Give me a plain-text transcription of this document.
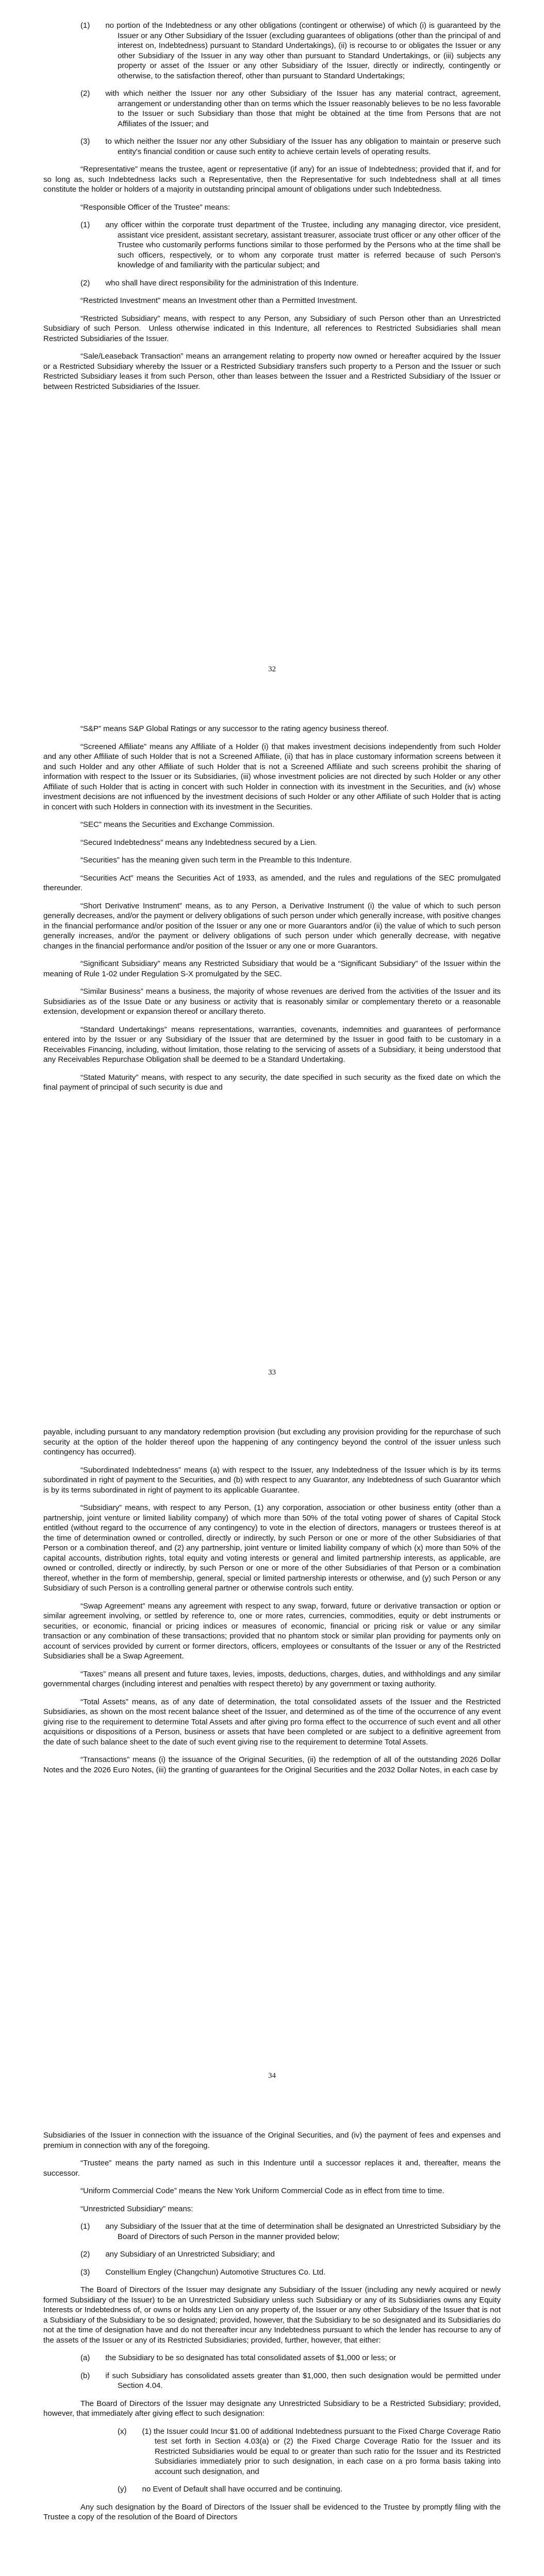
(1)  no portion of the Indebtedness or any other obligations (contingent or otherwise) of which (i) is guaranteed by the Issuer or any Other Subsidiary of the Issuer (excluding guarantees of obligations (other than the principal of and interest on, Indebtedness) pursuant to Standard Undertakings), (ii) is recourse to or obligates the Issuer or any other Subsidiary of the Issuer in any way other than pursuant to Standard Undertakings, or (iii) subjects any property or asset of the Issuer or any other Subsidiary of the Issuer, directly or indirectly, contingently or otherwise, to the satisfaction thereof, other than pursuant to Standard Undertakings;

(2)  with which neither the Issuer nor any other Subsidiary of the Issuer has any material contract, agreement, arrangement or understanding other than on terms which the Issuer reasonably believes to be no less favorable to the Issuer or such Subsidiary than those that might be obtained at the time from Persons that are not Affiliates of the Issuer; and

(3)  to which neither the Issuer nor any other Subsidiary of the Issuer has any obligation to maintain or preserve such entity's financial condition or cause such entity to achieve certain levels of operating results.

“Representative” means the trustee, agent or representative (if any) for an issue of Indebtedness; provided that if, and for so long as, such Indebtedness lacks such a Representative, then the Representative for such Indebtedness shall at all times constitute the holder or holders of a majority in outstanding principal amount of obligations under such Indebtedness.

“Responsible Officer of the Trustee” means:

(1)  any officer within the corporate trust department of the Trustee, including any managing director, vice president, assistant vice president, assistant secretary, assistant treasurer, associate trust officer or any other officer of the Trustee who customarily performs functions similar to those performed by the Persons who at the time shall be such officers, respectively, or to whom any corporate trust matter is referred because of such Person's knowledge of and familiarity with the particular subject; and

(2)  who shall have direct responsibility for the administration of this Indenture.

“Restricted Investment” means an Investment other than a Permitted Investment.

“Restricted Subsidiary” means, with respect to any Person, any Subsidiary of such Person other than an Unrestricted Subsidiary of such Person. Unless otherwise indicated in this Indenture, all references to Restricted Subsidiaries shall mean Restricted Subsidiaries of the Issuer.

“Sale/Leaseback Transaction” means an arrangement relating to property now owned or hereafter acquired by the Issuer or a Restricted Subsidiary whereby the Issuer or a Restricted Subsidiary transfers such property to a Person and the Issuer or such Restricted Subsidiary leases it from such Person, other than leases between the Issuer and a Restricted Subsidiary of the Issuer or between Restricted Subsidiaries of the Issuer.

32

“S&P” means S&P Global Ratings or any successor to the rating agency business thereof.

“Screened Affiliate” means any Affiliate of a Holder (i) that makes investment decisions independently from such Holder and any other Affiliate of such Holder that is not a Screened Affiliate, (ii) that has in place customary information screens between it and such Holder and any other Affiliate of such Holder that is not a Screened Affiliate and such screens prohibit the sharing of information with respect to the Issuer or its Subsidiaries, (iii) whose investment policies are not directed by such Holder or any other Affiliate of such Holder that is acting in concert with such Holder in connection with its investment in the Securities, and (iv) whose investment decisions are not influenced by the investment decisions of such Holder or any other Affiliate of such Holder that is acting in concert with such Holders in connection with its investment in the Securities.

“SEC” means the Securities and Exchange Commission.

“Secured Indebtedness” means any Indebtedness secured by a Lien.

“Securities” has the meaning given such term in the Preamble to this Indenture.

“Securities Act” means the Securities Act of 1933, as amended, and the rules and regulations of the SEC promulgated thereunder.

“Short Derivative Instrument” means, as to any Person, a Derivative Instrument (i) the value of which to such person generally decreases, and/or the payment or delivery obligations of such person under which generally increase, with positive changes in the financial performance and/or position of the Issuer or any one or more Guarantors and/or (ii) the value of which to such person generally increases, and/or the payment or delivery obligations of such person under which generally decrease, with negative changes in the financial performance and/or position of the Issuer or any one or more Guarantors.

“Significant Subsidiary” means any Restricted Subsidiary that would be a “Significant Subsidiary” of the Issuer within the meaning of Rule 1-02 under Regulation S-X promulgated by the SEC.

“Similar Business” means a business, the majority of whose revenues are derived from the activities of the Issuer and its Subsidiaries as of the Issue Date or any business or activity that is reasonably similar or complementary thereto or a reasonable extension, development or expansion thereof or ancillary thereto.

“Standard Undertakings” means representations, warranties, covenants, indemnities and guarantees of performance entered into by the Issuer or any Subsidiary of the Issuer that are determined by the Issuer in good faith to be customary in a Receivables Financing, including, without limitation, those relating to the servicing of assets of a Subsidiary, it being understood that any Receivables Repurchase Obligation shall be deemed to be a Standard Undertaking.

“Stated Maturity” means, with respect to any security, the date specified in such security as the fixed date on which the final payment of principal of such security is due and

33

payable, including pursuant to any mandatory redemption provision (but excluding any provision providing for the repurchase of such security at the option of the holder thereof upon the happening of any contingency beyond the control of the issuer unless such contingency has occurred).

“Subordinated Indebtedness” means (a) with respect to the Issuer, any Indebtedness of the Issuer which is by its terms subordinated in right of payment to the Securities, and (b) with respect to any Guarantor, any Indebtedness of such Guarantor which is by its terms subordinated in right of payment to its applicable Guarantee.

“Subsidiary” means, with respect to any Person, (1) any corporation, association or other business entity (other than a partnership, joint venture or limited liability company) of which more than 50% of the total voting power of shares of Capital Stock entitled (without regard to the occurrence of any contingency) to vote in the election of directors, managers or trustees thereof is at the time of determination owned or controlled, directly or indirectly, by such Person or one or more of the other Subsidiaries of that Person or a combination thereof, and (2) any partnership, joint venture or limited liability company of which (x) more than 50% of the capital accounts, distribution rights, total equity and voting interests or general and limited partnership interests, as applicable, are owned or controlled, directly or indirectly, by such Person or one or more of the other Subsidiaries of that Person or a combination thereof, whether in the form of membership, general, special or limited partnership interests or otherwise, and (y) such Person or any Subsidiary of such Person is a controlling general partner or otherwise controls such entity.

“Swap Agreement” means any agreement with respect to any swap, forward, future or derivative transaction or option or similar agreement involving, or settled by reference to, one or more rates, currencies, commodities, equity or debt instruments or securities, or economic, financial or pricing indices or measures of economic, financial or pricing risk or value or any similar transaction or any combination of these transactions; provided that no phantom stock or similar plan providing for payments only on account of services provided by current or former directors, officers, employees or consultants of the Issuer or any of the Restricted Subsidiaries shall be a Swap Agreement.

“Taxes” means all present and future taxes, levies, imposts, deductions, charges, duties, and withholdings and any similar governmental charges (including interest and penalties with respect thereto) by any government or taxing authority.

“Total Assets” means, as of any date of determination, the total consolidated assets of the Issuer and the Restricted Subsidiaries, as shown on the most recent balance sheet of the Issuer, and determined as of the time of the occurrence of any event giving rise to the requirement to determine Total Assets and after giving pro forma effect to the occurrence of such event and all other acquisitions or dispositions of a Person, business or assets that have been completed or are subject to a definitive agreement from the date of such balance sheet to the date of such event giving rise to the requirement to determine Total Assets.

“Transactions” means (i) the issuance of the Original Securities, (ii) the redemption of all of the outstanding 2026 Dollar Notes and the 2026 Euro Notes, (iii) the granting of guarantees for the Original Securities and the 2032 Dollar Notes, in each case by

34

Subsidiaries of the Issuer in connection with the issuance of the Original Securities, and (iv) the payment of fees and expenses and premium in connection with any of the foregoing.

“Trustee” means the party named as such in this Indenture until a successor replaces it and, thereafter, means the successor.

“Uniform Commercial Code” means the New York Uniform Commercial Code as in effect from time to time.

“Unrestricted Subsidiary” means:

(1)  any Subsidiary of the Issuer that at the time of determination shall be designated an Unrestricted Subsidiary by the Board of Directors of such Person in the manner provided below;

(2)  any Subsidiary of an Unrestricted Subsidiary; and

(3)  Constellium Engley (Changchun) Automotive Structures Co. Ltd.

The Board of Directors of the Issuer may designate any Subsidiary of the Issuer (including any newly acquired or newly formed Subsidiary of the Issuer) to be an Unrestricted Subsidiary unless such Subsidiary or any of its Subsidiaries owns any Equity Interests or Indebtedness of, or owns or holds any Lien on any property of, the Issuer or any other Subsidiary of the Issuer that is not a Subsidiary of the Subsidiary to be so designated; provided, however, that the Subsidiary to be so designated and its Subsidiaries do not at the time of designation have and do not thereafter incur any Indebtedness pursuant to which the lender has recourse to any of the assets of the Issuer or any of its Restricted Subsidiaries; provided, further, however, that either:

(a)  the Subsidiary to be so designated has total consolidated assets of $1,000 or less; or

(b)  if such Subsidiary has consolidated assets greater than $1,000, then such designation would be permitted under Section 4.04.

The Board of Directors of the Issuer may designate any Unrestricted Subsidiary to be a Restricted Subsidiary; provided, however, that immediately after giving effect to such designation:

(x)  (1) the Issuer could Incur $1.00 of additional Indebtedness pursuant to the Fixed Charge Coverage Ratio test set forth in Section 4.03(a) or (2) the Fixed Charge Coverage Ratio for the Issuer and its Restricted Subsidiaries would be equal to or greater than such ratio for the Issuer and its Restricted Subsidiaries immediately prior to such designation, in each case on a pro forma basis taking into account such designation, and

(y)  no Event of Default shall have occurred and be continuing.

Any such designation by the Board of Directors of the Issuer shall be evidenced to the Trustee by promptly filing with the Trustee a copy of the resolution of the Board of Directors
